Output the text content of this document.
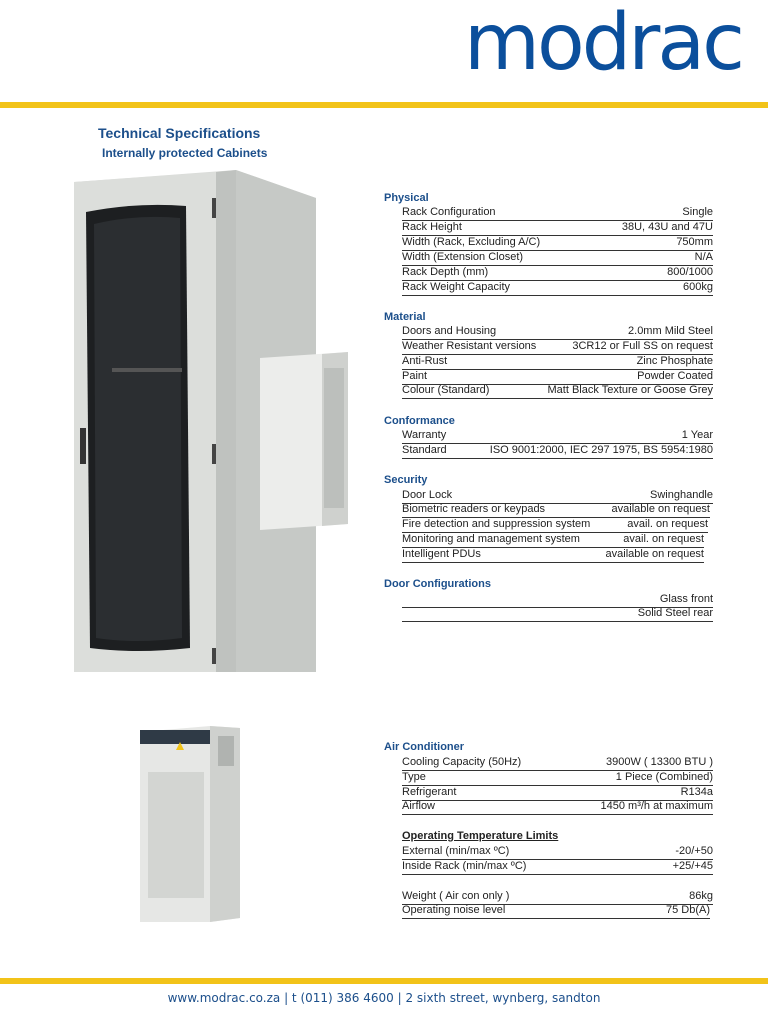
modrac
Technical Specifications
Internally protected Cabinets
Physical
Rack Configuration	Single
Rack Height	38U, 43U and 47U
Width (Rack, Excluding A/C)	750mm
Width (Extension Closet)	N/A
Rack Depth (mm)	800/1000
Rack Weight Capacity	600kg
Material
Doors and Housing	2.0mm Mild Steel
Weather Resistant versions	3CR12 or Full SS on request
Anti-Rust	Zinc Phosphate
Paint	Powder Coated
Colour (Standard)	Matt Black Texture or Goose Grey
Conformance
Warranty	1 Year
Standard	ISO 9001:2000, IEC 297 1975, BS 5954:1980
Security
Door Lock	Swinghandle
Biometric readers or keypads	available on request
Fire detection and suppression system	avail. on request
Monitoring and management system	avail. on request
Intelligent PDUs	available on request
Door Configurations
Glass front
Solid Steel rear
Air Conditioner
Cooling Capacity (50Hz)	3900W ( 13300 BTU )
Type	1 Piece (Combined)
Refrigerant	R134a
Airflow	1450 m³/h at maximum
Operating Temperature Limits
External (min/max ºC)	-20/+50
Inside Rack (min/max ºC)	+25/+45
Weight ( Air con only )	86kg
Operating noise level	75 Db(A)
www.modrac.co.za | t (011) 386 4600 | 2 sixth street, wynberg, sandton
